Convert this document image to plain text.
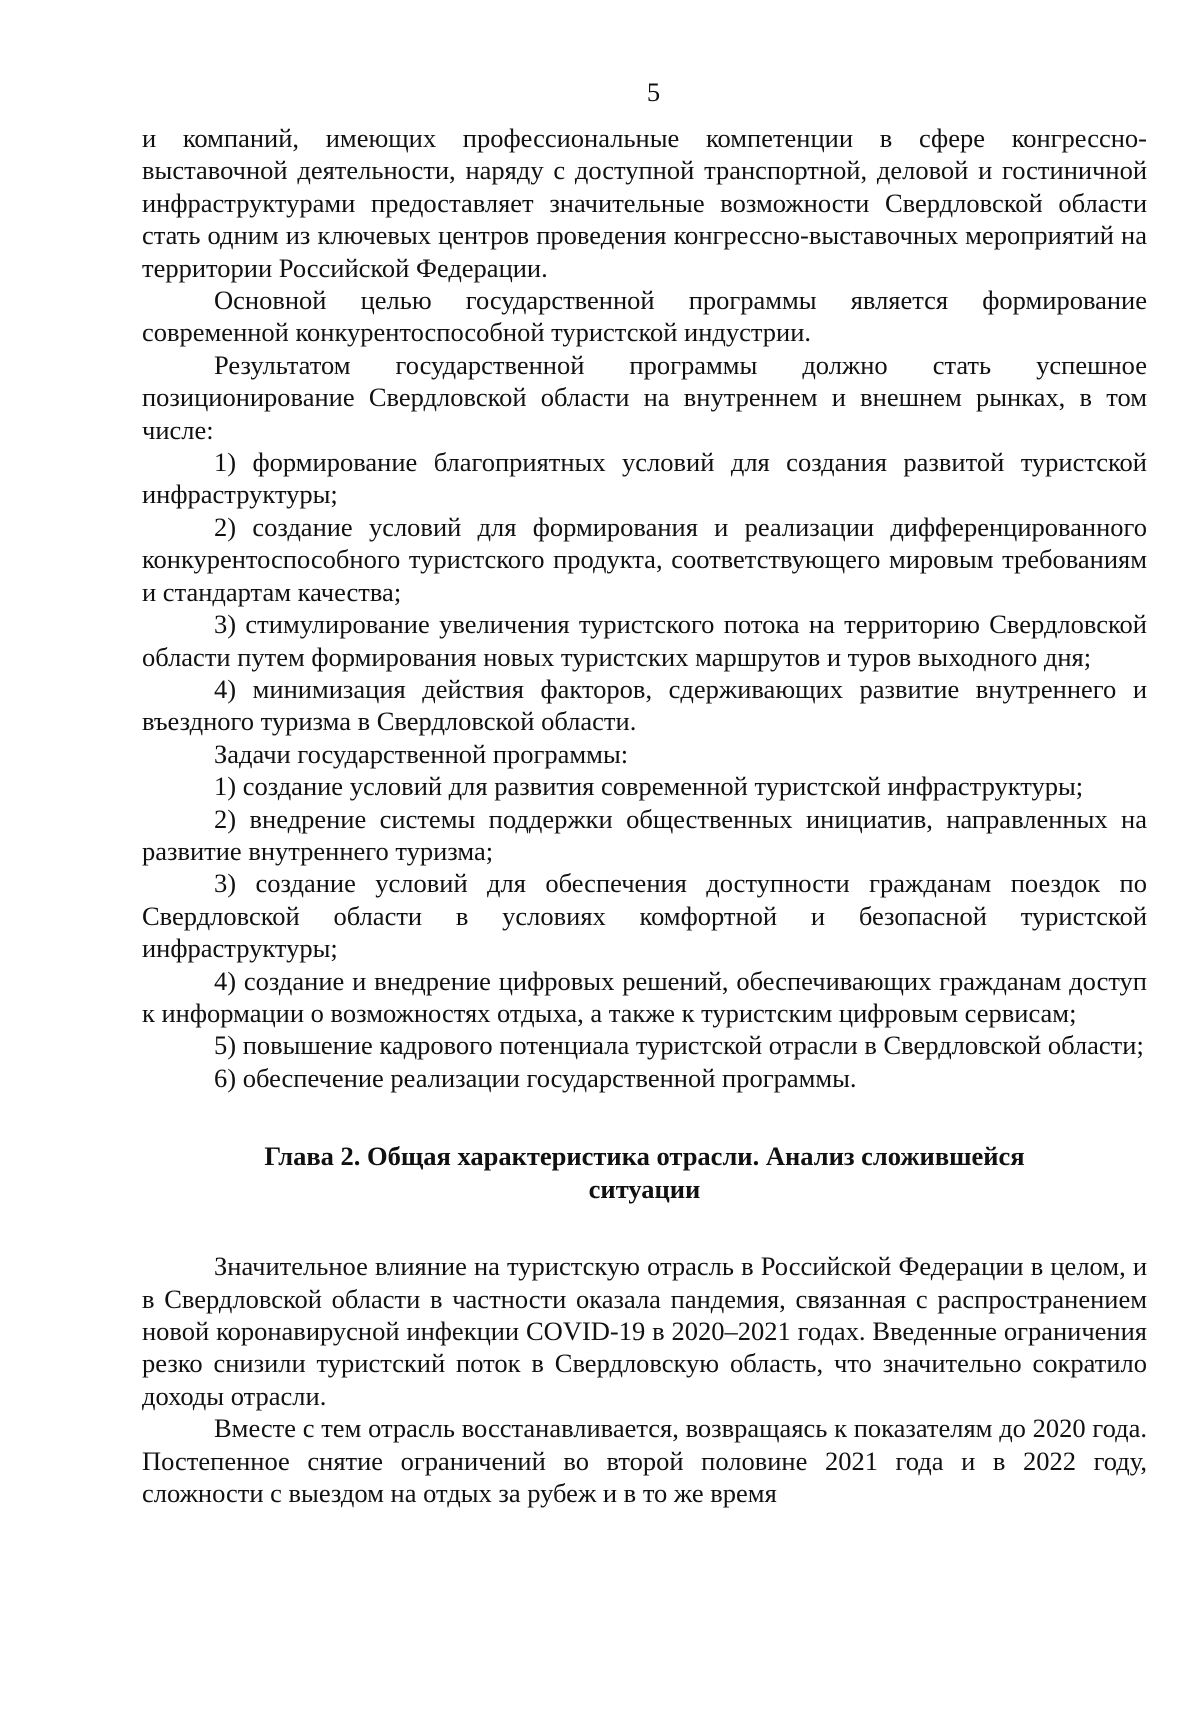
5

и компаний, имеющих профессиональные компетенции в сфере конгрессно-выставочной деятельности, наряду с доступной транспортной, деловой и гостиничной инфраструктурами предоставляет значительные возможности Свердловской области стать одним из ключевых центров проведения конгрессно-выставочных мероприятий на территории Российской Федерации.

Основной целью государственной программы является формирование современной конкурентоспособной туристской индустрии.

Результатом государственной программы должно стать успешное позиционирование Свердловской области на внутреннем и внешнем рынках, в том числе:

1) формирование благоприятных условий для создания развитой туристской инфраструктуры;

2) создание условий для формирования и реализации дифференцированного конкурентоспособного туристского продукта, соответствующего мировым требованиям и стандартам качества;

3) стимулирование увеличения туристского потока на территорию Свердловской области путем формирования новых туристских маршрутов и туров выходного дня;

4) минимизация действия факторов, сдерживающих развитие внутреннего и въездного туризма в Свердловской области.

Задачи государственной программы:

1) создание условий для развития современной туристской инфраструктуры;

2) внедрение системы поддержки общественных инициатив, направленных на развитие внутреннего туризма;

3) создание условий для обеспечения доступности гражданам поездок по Свердловской области в условиях комфортной и безопасной туристской инфраструктуры;

4) создание и внедрение цифровых решений, обеспечивающих гражданам доступ к информации о возможностях отдыха, а также к туристским цифровым сервисам;

5) повышение кадрового потенциала туристской отрасли в Свердловской области;

6) обеспечение реализации государственной программы.

Глава 2. Общая характеристика отрасли. Анализ сложившейся
ситуации

Значительное влияние на туристскую отрасль в Российской Федерации в целом, и в Свердловской области в частности оказала пандемия, связанная с распространением новой коронавирусной инфекции COVID-19 в 2020–2021 годах. Введенные ограничения резко снизили туристский поток в Свердловскую область, что значительно сократило доходы отрасли.

Вместе с тем отрасль восстанавливается, возвращаясь к показателям до 2020 года. Постепенное снятие ограничений во второй половине 2021 года и в 2022 году, сложности с выездом на отдых за рубеж и в то же время
